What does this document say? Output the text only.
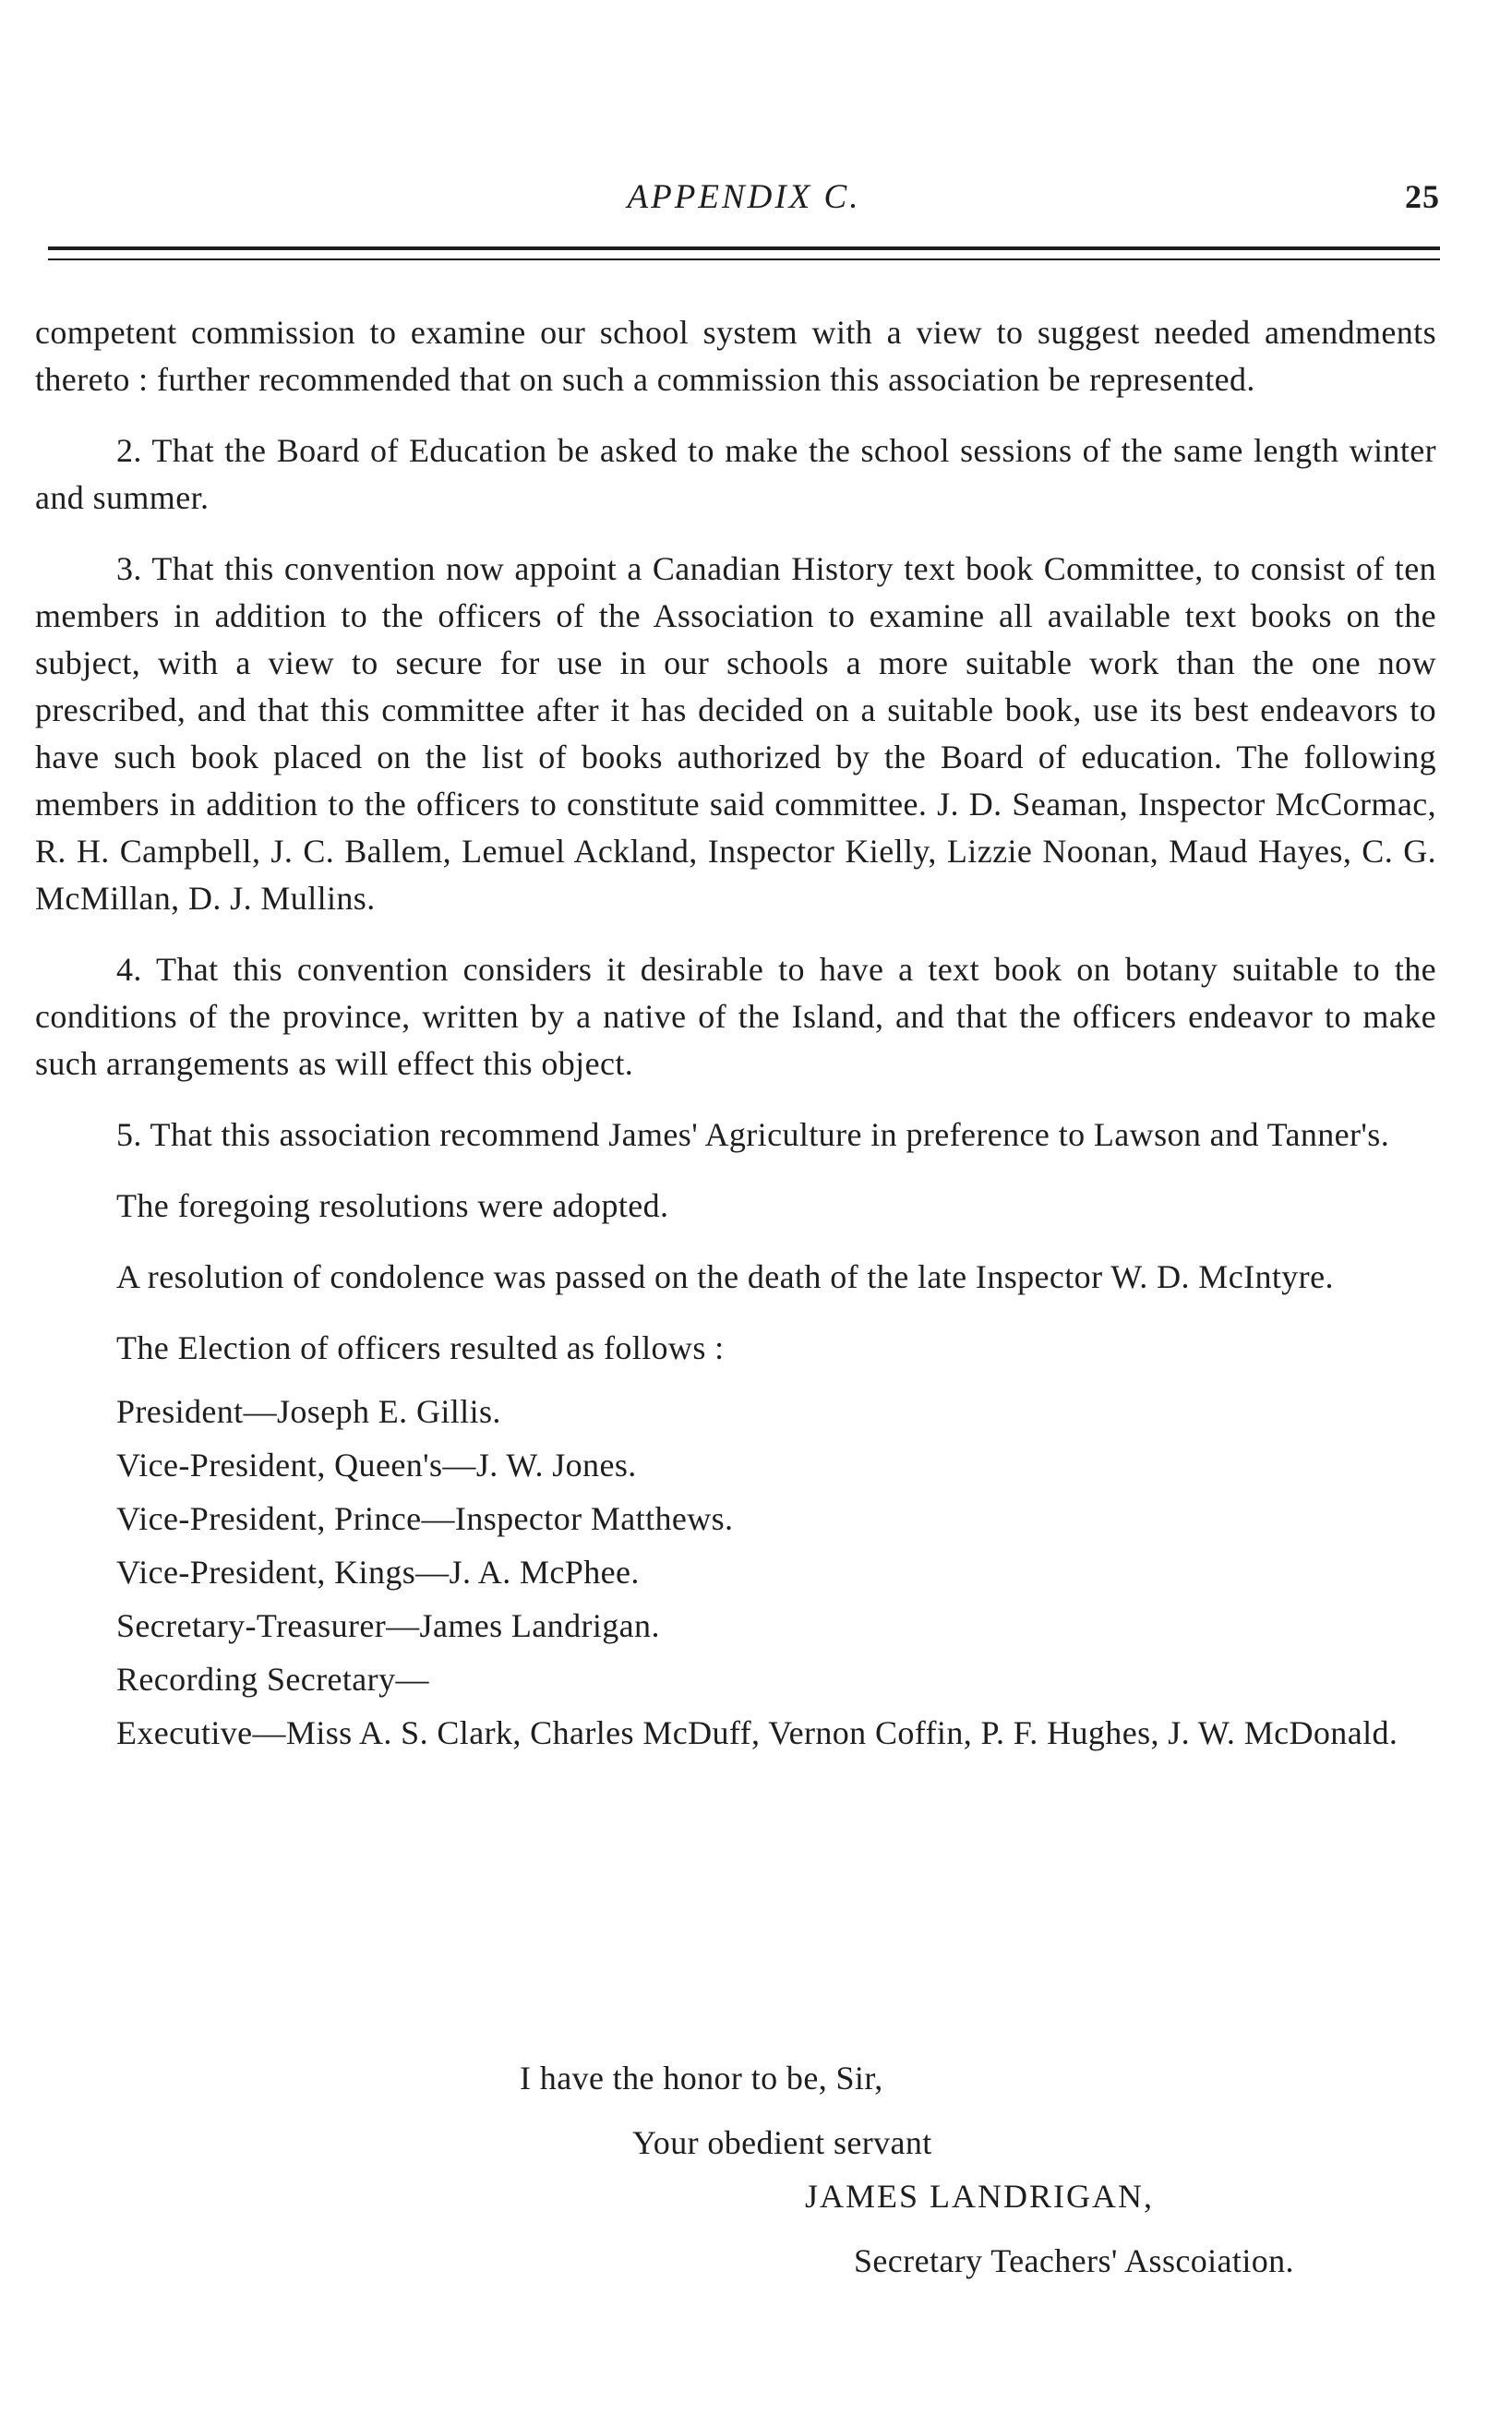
APPENDIX C.	25

competent commission to examine our school system with a view to suggest needed amendments thereto : further recommended that on such a commission this association be represented.

2. That the Board of Education be asked to make the school sessions of the same length winter and summer.

3. That this convention now appoint a Canadian History text book Committee, to consist of ten members in addition to the officers of the Association to examine all available text books on the subject, with a view to secure for use in our schools a more suitable work than the one now prescribed, and that this committee after it has decided on a suitable book, use its best endeavors to have such book placed on the list of books authorized by the Board of education. The following members in addition to the officers to constitute said committee. J. D. Seaman, Inspector McCormac, R. H. Campbell, J. C. Ballem, Lemuel Ackland, Inspector Kielly, Lizzie Noonan, Maud Hayes, C. G. McMillan, D. J. Mullins.

4. That this convention considers it desirable to have a text book on botany suitable to the conditions of the province, written by a native of the Island, and that the officers endeavor to make such arrangements as will effect this object.

5. That this association recommend James' Agriculture in preference to Lawson and Tanner's.

The foregoing resolutions were adopted.

A resolution of condolence was passed on the death of the late Inspector W. D. McIntyre.

The Election of officers resulted as follows :

President—Joseph E. Gillis.
Vice-President, Queen's—J. W. Jones.
Vice-President, Prince—Inspector Matthews.
Vice-President, Kings—J. A. McPhee.
Secretary-Treasurer—James Landrigan.
Recording Secretary—
Executive—Miss A. S. Clark, Charles McDuff, Vernon Coffin, P. F. Hughes, J. W. McDonald.
I have the honor to be, Sir,
Your obedient servant
JAMES LANDRIGAN,
Secretary Teachers' Asscoiation.
